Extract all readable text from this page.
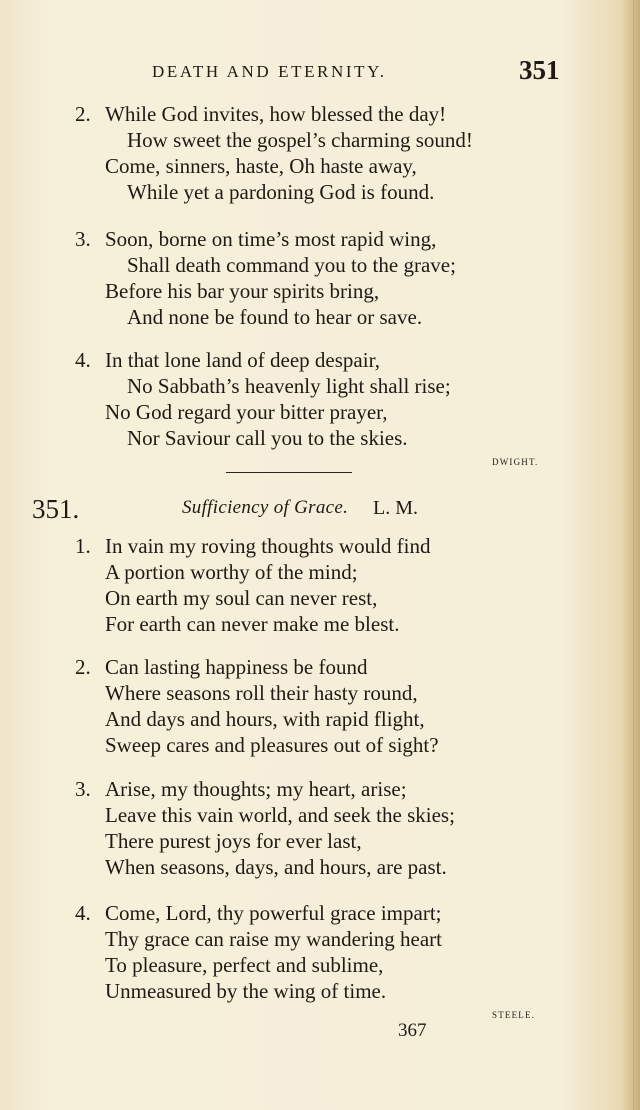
DEATH AND ETERNITY.	351
2. While God invites, how blessed the day!
How sweet the gospel’s charming sound!
Come, sinners, haste, Oh haste away,
While yet a pardoning God is found.
3. Soon, borne on time’s most rapid wing,
Shall death command you to the grave;
Before his bar your spirits bring,
And none be found to hear or save.
4. In that lone land of deep despair,
No Sabbath’s heavenly light shall rise;
No God regard your bitter prayer,
Nor Saviour call you to the skies.
DWIGHT.
351.	Sufficiency of Grace. L. M.
1. In vain my roving thoughts would find
A portion worthy of the mind;
On earth my soul can never rest,
For earth can never make me blest.
2. Can lasting happiness be found
Where seasons roll their hasty round,
And days and hours, with rapid flight,
Sweep cares and pleasures out of sight?
3. Arise, my thoughts; my heart, arise;
Leave this vain world, and seek the skies;
There purest joys for ever last,
When seasons, days, and hours, are past.
4. Come, Lord, thy powerful grace impart;
Thy grace can raise my wandering heart
To pleasure, perfect and sublime,
Unmeasured by the wing of time.
STEELE.
367
